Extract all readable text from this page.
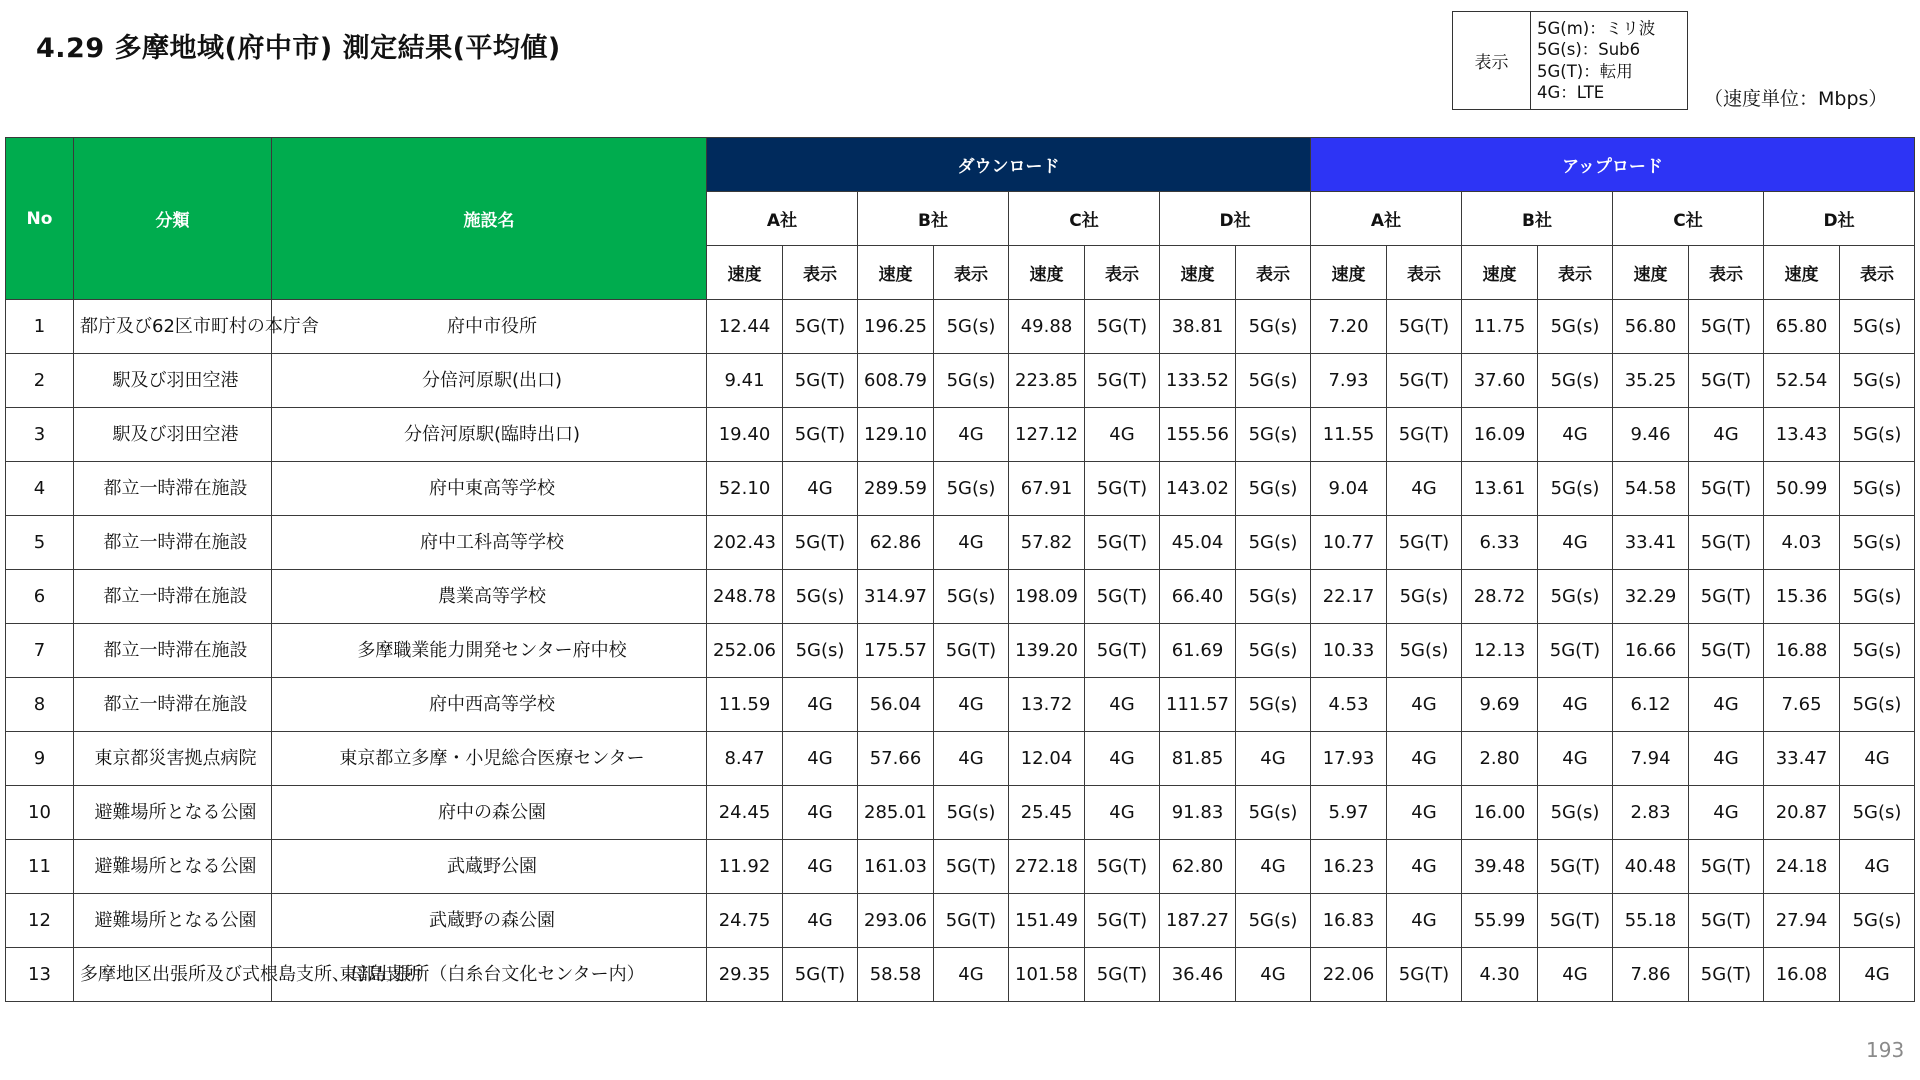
4.29 多摩地域(府中市) 測定結果(平均値)	表示
5G(m)：ミリ波
5G(s)：Sub6
5G(T)：転用
4G：LTE	（速度単位：Mbps）
No	分類	施設名	ダウンロード								アップロード							
			A社		B社		C社		D社		A社		B社		C社		D社	
			速度	表示	速度	表示	速度	表示	速度	表示	速度	表示	速度	表示	速度	表示	速度	表示
1	都庁及び62区市町村の本庁舎	府中市役所	12.44	5G(T)	196.25	5G(s)	49.88	5G(T)	38.81	5G(s)	7.20	5G(T)	11.75	5G(s)	56.80	5G(T)	65.80	5G(s)
2	駅及び羽田空港	分倍河原駅(出口)	9.41	5G(T)	608.79	5G(s)	223.85	5G(T)	133.52	5G(s)	7.93	5G(T)	37.60	5G(s)	35.25	5G(T)	52.54	5G(s)
3	駅及び羽田空港	分倍河原駅(臨時出口)	19.40	5G(T)	129.10	4G	127.12	4G	155.56	5G(s)	11.55	5G(T)	16.09	4G	9.46	4G	13.43	5G(s)
4	都立一時滞在施設	府中東高等学校	52.10	4G	289.59	5G(s)	67.91	5G(T)	143.02	5G(s)	9.04	4G	13.61	5G(s)	54.58	5G(T)	50.99	5G(s)
5	都立一時滞在施設	府中工科高等学校	202.43	5G(T)	62.86	4G	57.82	5G(T)	45.04	5G(s)	10.77	5G(T)	6.33	4G	33.41	5G(T)	4.03	5G(s)
6	都立一時滞在施設	農業高等学校	248.78	5G(s)	314.97	5G(s)	198.09	5G(T)	66.40	5G(s)	22.17	5G(s)	28.72	5G(s)	32.29	5G(T)	15.36	5G(s)
7	都立一時滞在施設	多摩職業能力開発センター府中校	252.06	5G(s)	175.57	5G(T)	139.20	5G(T)	61.69	5G(s)	10.33	5G(s)	12.13	5G(T)	16.66	5G(T)	16.88	5G(s)
8	都立一時滞在施設	府中西高等学校	11.59	4G	56.04	4G	13.72	4G	111.57	5G(s)	4.53	4G	9.69	4G	6.12	4G	7.65	5G(s)
9	東京都災害拠点病院	東京都立多摩・小児総合医療センター	8.47	4G	57.66	4G	12.04	4G	81.85	4G	17.93	4G	2.80	4G	7.94	4G	33.47	4G
10	避難場所となる公園	府中の森公園	24.45	4G	285.01	5G(s)	25.45	4G	91.83	5G(s)	5.97	4G	16.00	5G(s)	2.83	4G	20.87	5G(s)
11	避難場所となる公園	武蔵野公園	11.92	4G	161.03	5G(T)	272.18	5G(T)	62.80	4G	16.23	4G	39.48	5G(T)	40.48	5G(T)	24.18	4G
12	避難場所となる公園	武蔵野の森公園	24.75	4G	293.06	5G(T)	151.49	5G(T)	187.27	5G(s)	16.83	4G	55.99	5G(T)	55.18	5G(T)	27.94	5G(s)
13	多摩地区出張所及び式根島支所、母島支所	東部出張所（白糸台文化センター内）	29.35	5G(T)	58.58	4G	101.58	5G(T)	36.46	4G	22.06	5G(T)	4.30	4G	7.86	5G(T)	16.08	4G
193
